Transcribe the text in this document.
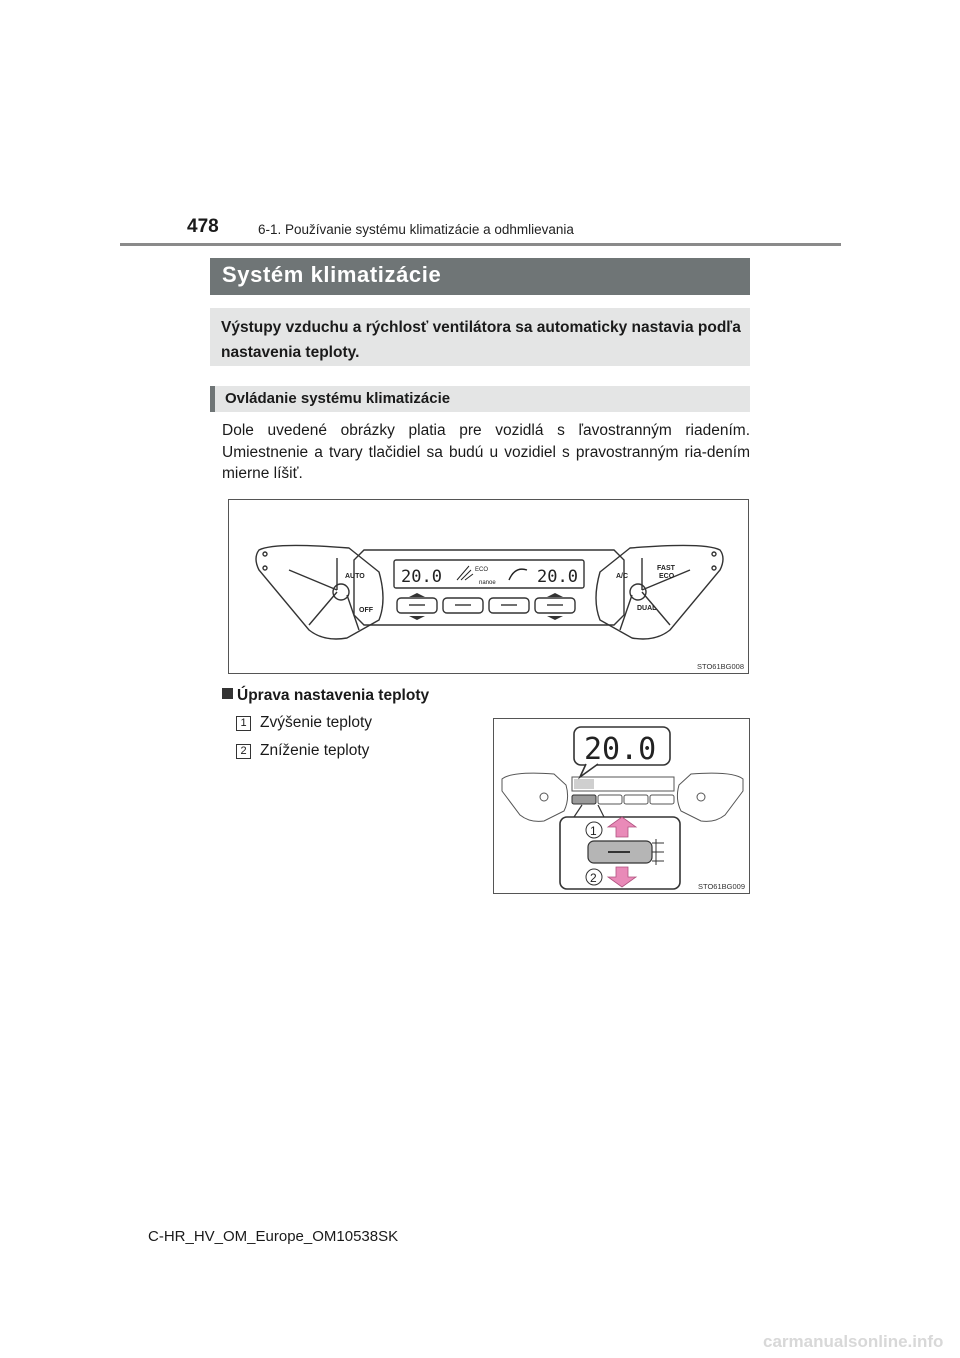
478	6-1. Používanie systému klimatizácie a odhmlievania
Systém klimatizácie
Výstupy vzduchu a rýchlosť ventilátora sa automaticky nastavia podľa nastavenia teploty.
Ovládanie systému klimatizácie
Dole uvedené obrázky platia pre vozidlá s ľavostranným riadením. Umiestnenie a tvary tlačidiel sa budú u vozidiel s pravostranným ria-dením mierne líšiť.
20.0	20.0
ECO
nanoe
AUTO
OFF
A/C
FAST
ECO
DUAL
STO61BG008
Úprava nastavenia teploty
1 Zvýšenie teploty
2 Zníženie teploty	20.0
1
2
STO61BG009
C-HR_HV_OM_Europe_OM10538SK
carmanualsonline.info
